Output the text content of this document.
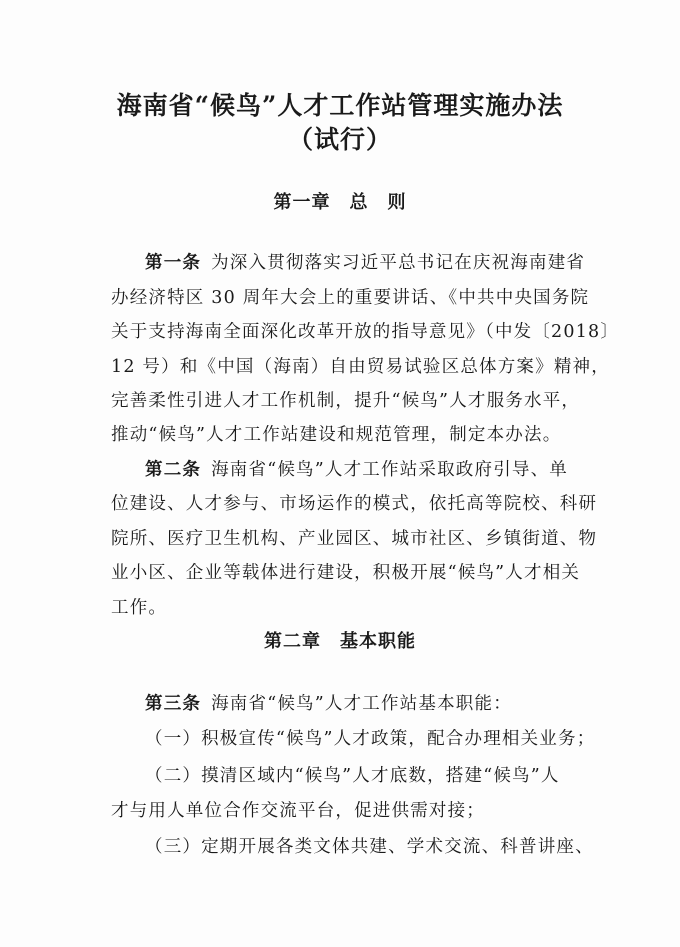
海南省“候鸟”人才工作站管理实施办法
（试行）
第一章　总　则
第一条 为深入贯彻落实习近平总书记在庆祝海南建省
办经济特区 30 周年大会上的重要讲话、《中共中央国务院
关于支持海南全面深化改革开放的指导意见》（中发〔2018〕
12 号）和《中国（海南）自由贸易试验区总体方案》精神，
完善柔性引进人才工作机制，提升“候鸟”人才服务水平，
推动“候鸟”人才工作站建设和规范管理，制定本办法。
第二条 海南省“候鸟”人才工作站采取政府引导、单
位建设、人才参与、市场运作的模式，依托高等院校、科研
院所、医疗卫生机构、产业园区、城市社区、乡镇街道、物
业小区、企业等载体进行建设，积极开展“候鸟”人才相关
工作。
第二章　基本职能
第三条 海南省“候鸟”人才工作站基本职能：
（一）积极宣传“候鸟”人才政策，配合办理相关业务；
（二）摸清区域内“候鸟”人才底数，搭建“候鸟”人
才与用人单位合作交流平台，促进供需对接；
（三）定期开展各类文体共建、学术交流、科普讲座、
